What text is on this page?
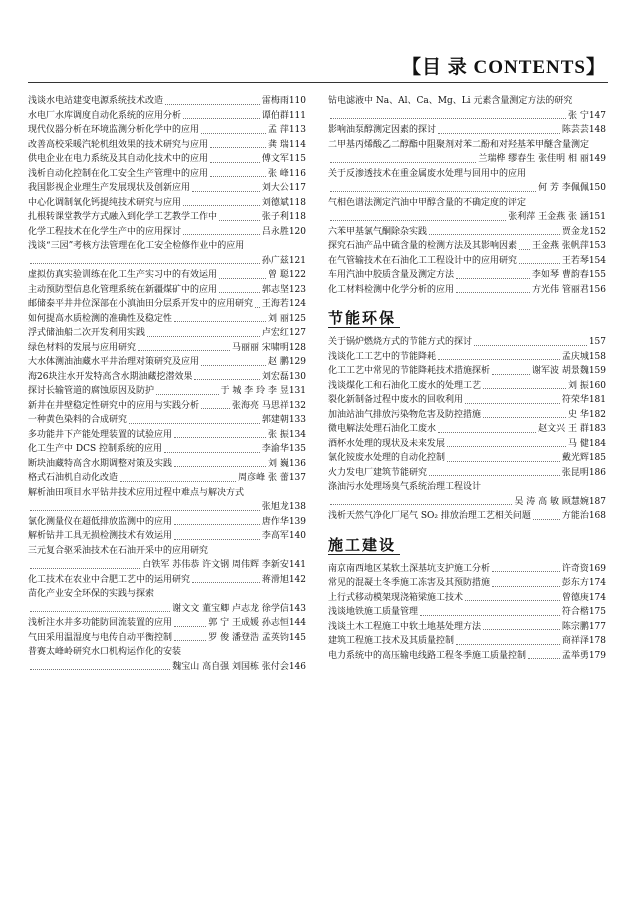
【目 录 CONTENTS】
浅谈水电站建变电源系统技术改造	雷梅雨110
水电厂水库调度自动化系统的应用分析	谭伯群111
现代仪器分析在环境监测分析化学中的应用	孟 萍113
改善高校采暖汽轮机组效果的技术研究与应用	龚 瑞114
供电企业在电力系统及其自动化技术中的应用	傅文军115
浅析自动化控制在化工安全生产管理中的应用	张 峰116
我国影视企业理生产发展现状及创新应用	刘大公117
中心化调制氧化钙提纯技术研究与应用	刘德斌118
扎根转课堂教学方式融入到化学工艺教学工作中	张子利118
化学工程技术在化学生产中的应用探讨	吕永胜120
浅谈“三园”考核方法管理在化工安全检修作业中的应用
孙广兹121
虚拟仿真实验训练在化工生产实习中的有效运用	曾 聪122
主动预防型信息化管理系统在新疆煤矿中的应用	郭志坚123
邮储泰平井井位深部在小滇油田分层系开发中的应用研究 王海若124
如何提高水质检测的准确性及稳定性	刘 丽125
浮式储油船二次开发利用实践	卢宏红127
绿色材料的发展与应用研究	马丽丽 宋啸明128
大水体测油油藏水平井治理对策研究及应用	赵 鹏129
海26块注水开发特高含水期油藏挖潜效果	刘宏磊130
探讨长输管道的腐蚀原因及防护	于 城 李 玲 李 昱131
新井在井壁稳定性研究中的应用与实践分析	张海亮 马思祥132
一种黄色染料的合成研究	郭建朝133
多功能井下产能处理装置的试验应用	张 振134
化工生产中 DCS 控制系统的应用	李渝华135
断块油藏特高含水期调整对策及实践	刘 巍136
格式石油机自动化改造	周彦峰 张 蕾137
解析油田项目水平钻井技术应用过程中难点与解决方式
张旭龙138
氯化测量仪在超低排放监测中的应用	唐作华139
解析钻井工具无损检测技术有效运用	李高军140
三元复合驱采油技术在石油开采中的应用研究
白铁军 苏伟恭 许文钢 周伟辉 李新安141
化工技术在农业中合肥工艺中的运用研究	蒋滑旭142
苗化产业安全环保的实践与探索
谢文文 董宝卿 卢志龙 徐学信143
浅析注水井多功能防回流装置的应用	郭 宁 王成媛 孙志恒144
气田采用温湿度与电传自动平衡控制	罗 俊 潘登浩 孟英钧145
普赛太峰岭研究水口机构运作化的安装
魏宝山 高自强 刘国栋 张付会146
钻电滤液中 Na、Al、Ca、Mg、Li 元素含量测定方法的研究
张 宁147
影响油泵醇测定因素的探讨	陈芸芸148
二甲基丙烯酸乙二醇酯中阻聚剂对苯二酚和对羟基苯甲醚含量测定
兰瑞桦 缪春生 张佳明 相 丽149
关于反渗透技术在重金属废水处理与回用中的应用
何 芳 李佩佩150
气相色谱法测定汽油中甲醇含量的不确定度的评定
张利萍 王金燕 张 涵151
六苯甲基氯气酮除杂实践	贾金龙152
探究石油产品中硫含量的检测方法及其影响因素 王金燕 张帆萍153
在气管输技术在石油化工工程设计中的应用研究	王若琴154
车用汽油中胶质含量及测定方法	李如琴 曹韵春155
化工材料检测中化学分析的应用	方光伟 管丽君156
节能环保
关于锅炉燃烧方式的节能方式的探讨	157
浅谈化工工艺中的节能降耗	孟庆城158
化工工艺中常见的节能降耗技术措施探析	谢军波 胡景魏159
浅谈煤化工和石油化工废水的处理工艺	刘 振160
裂化新制备过程中废水的回收利用	符荣华181
加油站油气排放污染物危害及防控措施	史 华182
微电解法处理石油化工废水	赵文兴 王 群183
酒杯水处理的现状及未来发展	马 健184
氯化铵废水处理的自动化控制	戴光辉185
火力发电厂建筑节能研究	张昆明186
涤油污水处理场臭气系统治理工程设计
吴 涛 高 敏 顾慧婉187
浅析天然气净化厂尾气 SO₂ 排放治理工艺相关问题	方能治168
施工建设
南京南西地区某软土深基坑支护施工分析	许奇资169
常见的混凝土冬季施工冻害及其预防措施	彭东方174
上行式移动模架现浇箱梁施工技术	曾德庚174
浅谈地铁施工质量管理	符合楷175
浅谈土木工程施工中软土地基处理方法	陈宗鹏177
建筑工程施工技术及其质量控制	商祥泽178
电力系统中的高压输电线路工程冬季施工质量控制	孟举勇179
